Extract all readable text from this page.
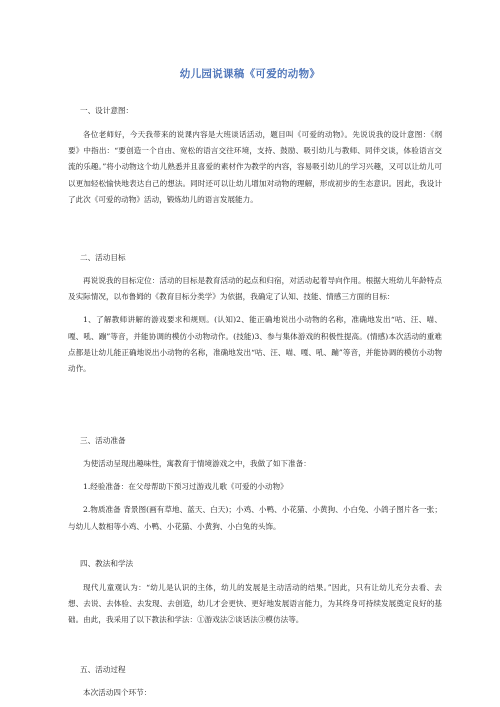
幼儿园说课稿《可爱的动物》
一、设计意图：

各位老师好，今天我带来的说课内容是大班谈话活动，题目叫《可爱的动物》。先说说我的设计意图：《纲要》中指出：“要创造一个自由、宽松的语言交往环境，支持、鼓励、吸引幼儿与教师、同伴交谈，体验语言交流的乐趣。”将小动物这个幼儿熟悉并且喜爱的素材作为教学的内容，容易吸引幼儿的学习兴趣，又可以让幼儿可以更加轻松愉快地表达自己的想法。同时还可以让幼儿增加对动物的理解，形成初步的生态意识。因此，我设计了此次《可爱的动物》活动，锻炼幼儿的语言发展能力。

二、活动目标

再说说我的目标定位：活动的目标是教育活动的起点和归宿，对活动起着导向作用。根据大班幼儿年龄特点及实际情况，以布鲁姆的《教育目标分类学》为依据，我确定了认知、技能、情感三方面的目标：

1、了解教师讲解的游戏要求和规则。(认知)2、能正确地说出小动物的名称，准确地发出“咕、汪、喵、嘎、吼、蹦”等音，并能协调的模仿小动物动作。(技能)3、参与集体游戏的积极性提高。(情感)本次活动的重难点都是让幼儿能正确地说出小动物的名称，准确地发出“咕、汪、喵、嘎、吼、蹦”等音，并能协调的模仿小动物动作。

三、活动准备

为使活动呈现出趣味性，寓教育于情境游戏之中，我做了如下准备：

1.经验准备：在父母帮助下预习过游戏儿歌《可爱的小动物》

2.物质准备 背景图(画有草地、蓝天、白天)；小鸡、小鸭、小花猫、小黄狗、小白兔、小鸽子图片各一张；与幼儿人数相等小鸡、小鸭、小花猫、小黄狗、小白兔的头饰。

四、教法和学法

现代儿童观认为：“幼儿是认识的主体，幼儿的发展是主动活动的结果。”因此，只有让幼儿充分去看、去想、去说、去体验、去发现、去创造，幼儿才会更快、更好地发展语言能力，为其终身可持续发展奠定良好的基础。由此，我采用了以下教法和学法：①游戏法②谈话法③模仿法等。

五、活动过程

本次活动四个环节：
